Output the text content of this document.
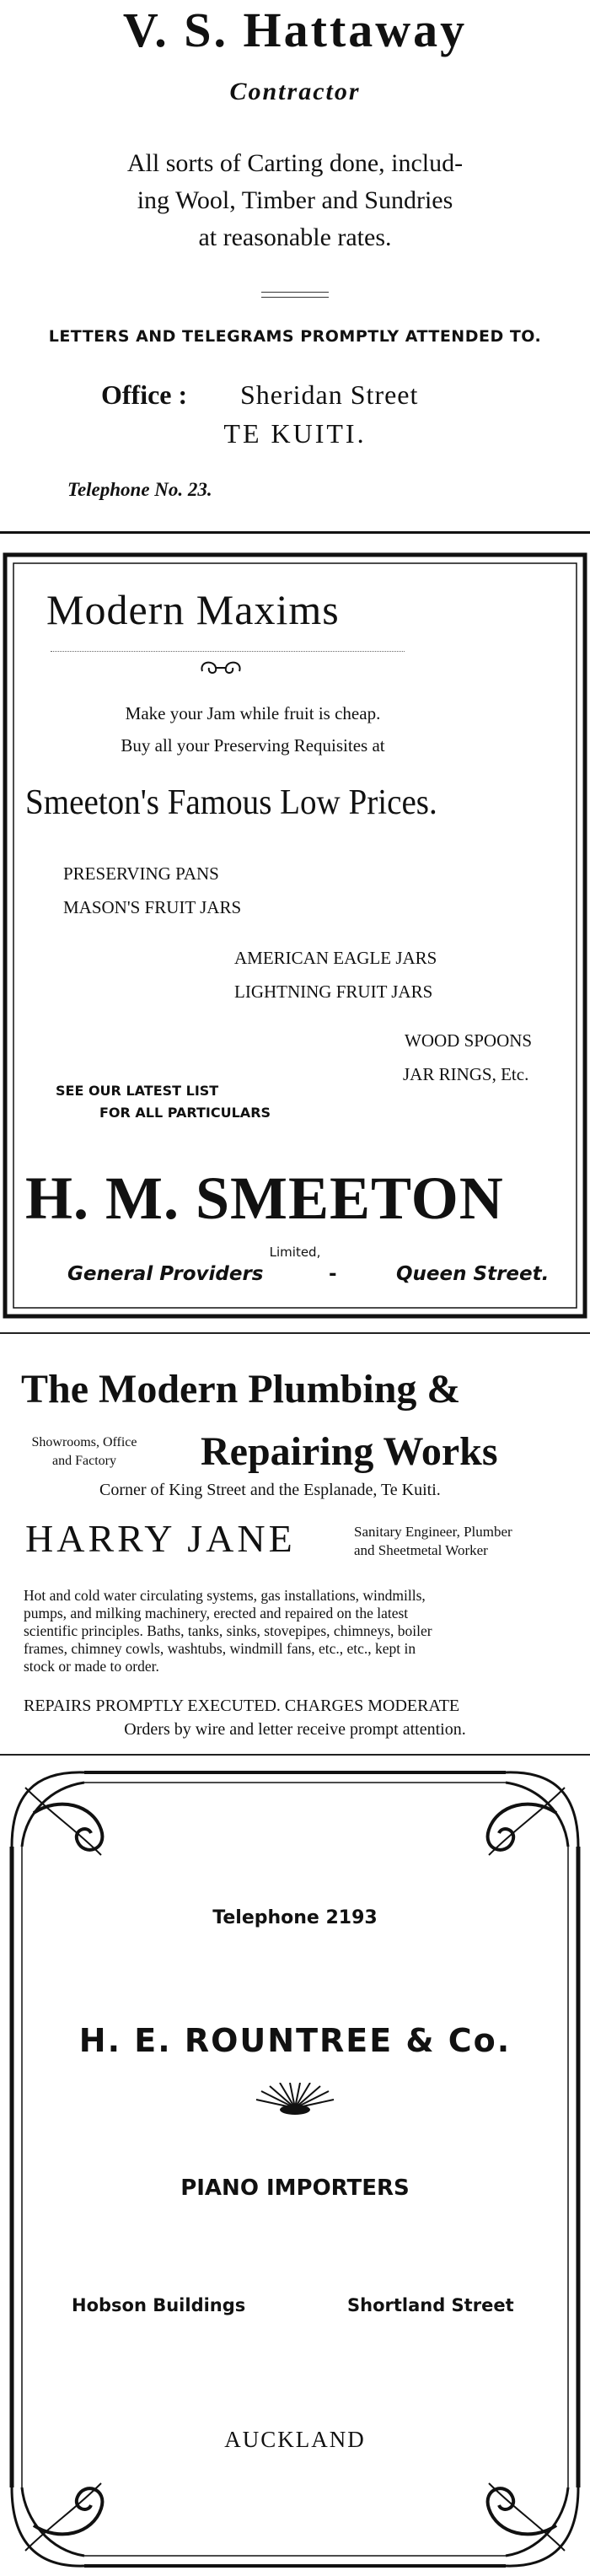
V. S. Hattaway
Contractor
All sorts of Carting done, includ-
ing Wool, Timber and Sundries
at reasonable rates.
LETTERS AND TELEGRAMS PROMPTLY ATTENDED TO.
Office : Sheridan Street
TE KUITI.
Telephone No. 23.
Modern Maxims
Make your Jam while fruit is cheap.
Buy all your Preserving Requisites at
Smeeton's Famous Low Prices.
PRESERVING PANS
MASON'S FRUIT JARS
AMERICAN EAGLE JARS
LIGHTNING FRUIT JARS
WOOD SPOONS
JAR RINGS, Etc.
SEE OUR LATEST LIST
FOR ALL PARTICULARS
H. M. SMEETON
Limited,
General Providers	-	Queen Street.
The Modern Plumbing &
Showrooms, Office
and Factory	Repairing Works
Corner of King Street and the Esplanade, Te Kuiti.
HARRY JANE	Sanitary Engineer, Plumber
and Sheetmetal Worker
Hot and cold water circulating systems, gas installations, windmills,
pumps, and milking machinery, erected and repaired on the latest
scientific principles. Baths, tanks, sinks, stovepipes, chimneys, boiler
frames, chimney cowls, washtubs, windmill fans, etc., etc., kept in
stock or made to order.
REPAIRS PROMPTLY EXECUTED. CHARGES MODERATE
Orders by wire and letter receive prompt attention.
Telephone 2193
H. E. ROUNTREE & Co.
PIANO IMPORTERS
Hobson Buildings	Shortland Street
AUCKLAND
